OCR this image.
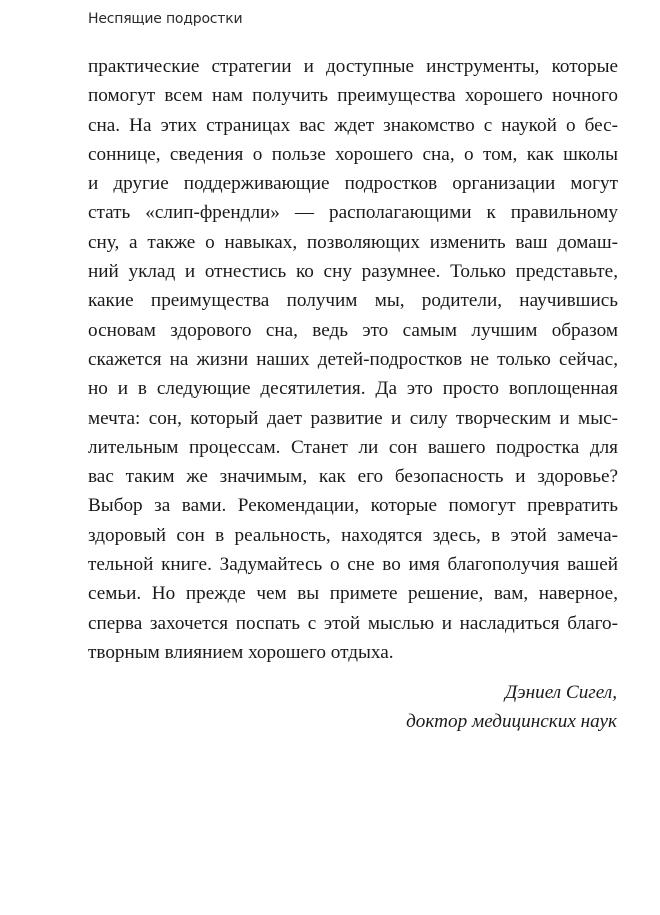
Неспящие подростки
практические стратегии и доступные инструменты, которые
помогут всем нам получить преимущества хорошего ночного
сна. На этих страницах вас ждет знакомство с наукой о бес-
соннице, сведения о пользе хорошего сна, о том, как школы
и другие поддерживающие подростков организации могут
стать «слип-френдли» — располагающими к правильному
сну, а также о навыках, позволяющих изменить ваш домаш-
ний уклад и отнестись ко сну разумнее. Только представьте,
какие преимущества получим мы, родители, научившись
основам здорового сна, ведь это самым лучшим образом
скажется на жизни наших детей-подростков не только сейчас,
но и в следующие десятилетия. Да это просто воплощенная
мечта: сон, который дает развитие и силу творческим и мыс-
лительным процессам. Станет ли сон вашего подростка для
вас таким же значимым, как его безопасность и здоровье?
Выбор за вами. Рекомендации, которые помогут превратить
здоровый сон в реальность, находятся здесь, в этой замеча-
тельной книге. Задумайтесь о сне во имя благополучия вашей
семьи. Но прежде чем вы примете решение, вам, наверное,
сперва захочется поспать с этой мыслью и насладиться благо-
творным влиянием хорошего отдыха.
Дэниел Сигел,
доктор медицинских наук
